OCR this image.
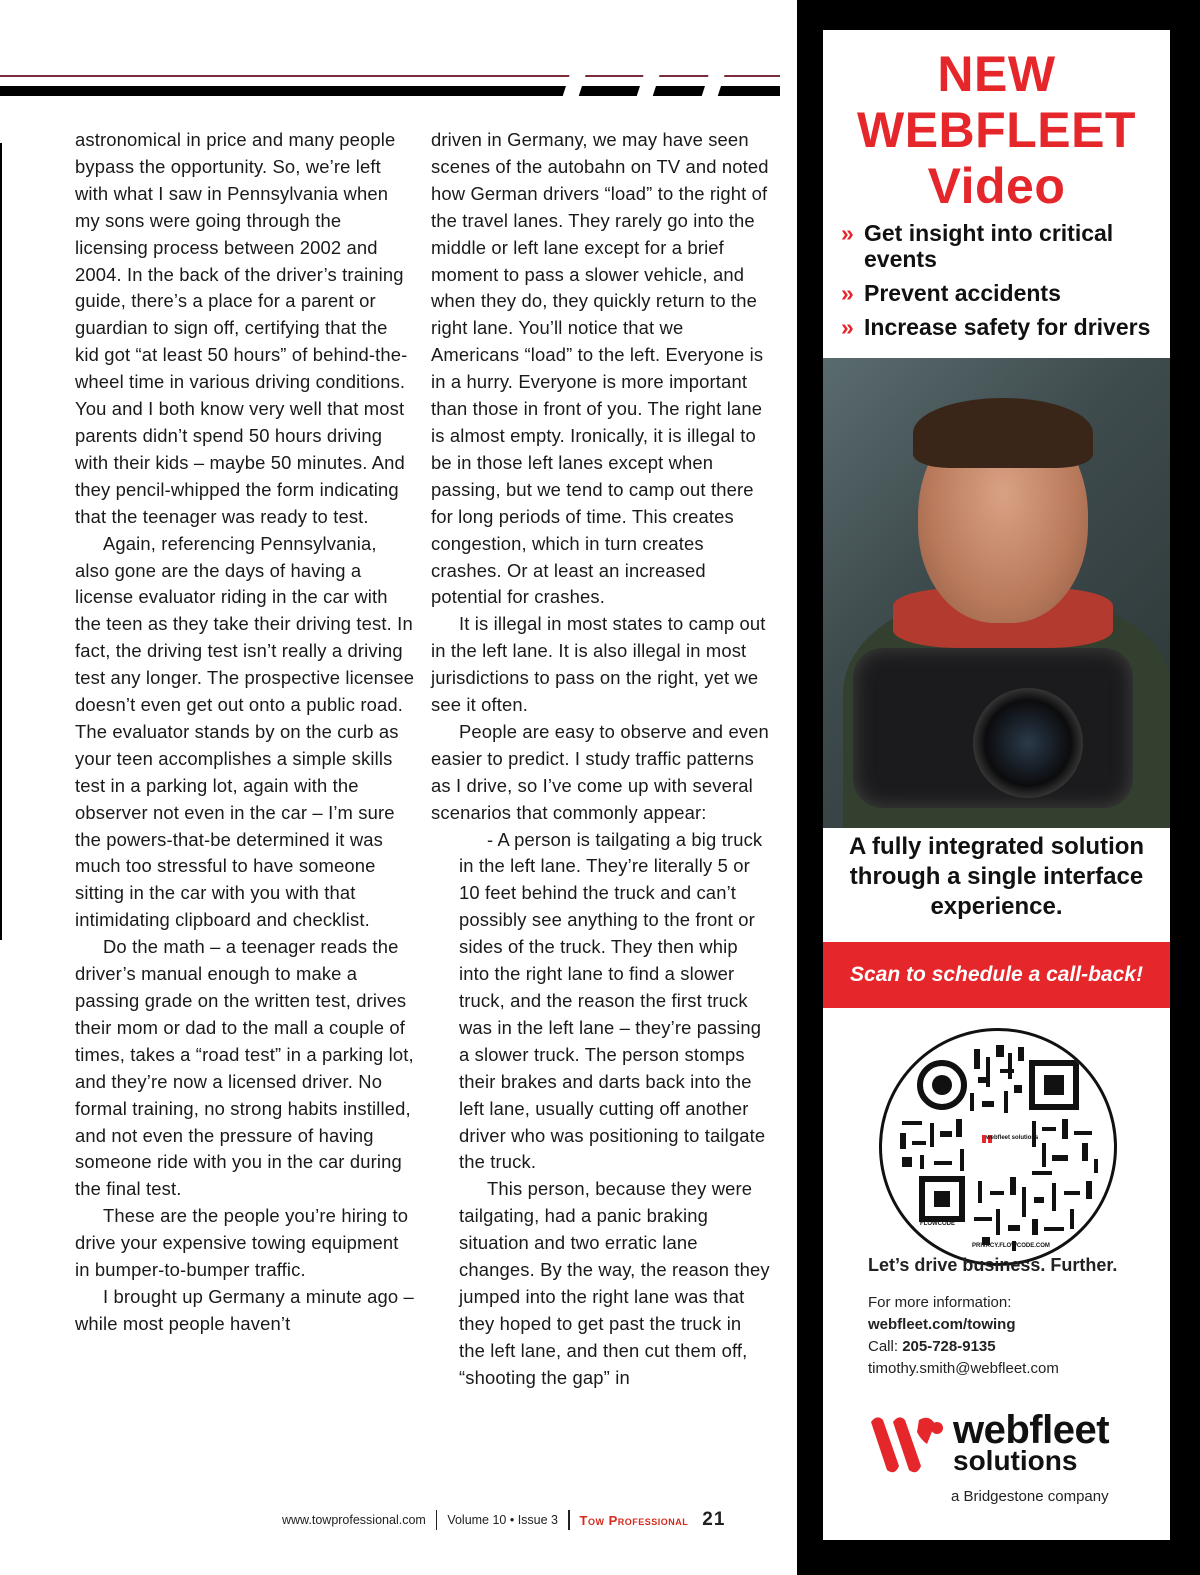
astronomical in price and many people bypass the opportunity. So, we’re left with what I saw in Pennsylvania when my sons were going through the licensing process between 2002 and 2004. In the back of the driver’s training guide, there’s a place for a parent or guardian to sign off, certifying that the kid got “at least 50 hours” of behind-the-wheel time in various driving conditions. You and I both know very well that most parents didn’t spend 50 hours driving with their kids – maybe 50 minutes. And they pencil-whipped the form indicating that the teenager was ready to test.

Again, referencing Pennsylvania, also gone are the days of having a license evaluator riding in the car with the teen as they take their driving test. In fact, the driving test isn’t really a driving test any longer. The prospective licensee doesn’t even get out onto a public road. The evaluator stands by on the curb as your teen accomplishes a simple skills test in a parking lot, again with the observer not even in the car – I’m sure the powers-that-be determined it was much too stressful to have someone sitting in the car with you with that intimidating clipboard and checklist.

Do the math – a teenager reads the driver’s manual enough to make a passing grade on the written test, drives their mom or dad to the mall a couple of times, takes a “road test” in a parking lot, and they’re now a licensed driver. No formal training, no strong habits instilled, and not even the pressure of having someone ride with you in the car during the final test.

These are the people you’re hiring to drive your expensive towing equipment in bumper-to-bumper traffic.

I brought up Germany a minute ago – while most people haven’t

driven in Germany, we may have seen scenes of the autobahn on TV and noted how German drivers “load” to the right of the travel lanes. They rarely go into the middle or left lane except for a brief moment to pass a slower vehicle, and when they do, they quickly return to the right lane. You’ll notice that we Americans “load” to the left. Everyone is in a hurry. Everyone is more important than those in front of you. The right lane is almost empty. Ironically, it is illegal to be in those left lanes except when passing, but we tend to camp out there for long periods of time. This creates congestion, which in turn creates crashes. Or at least an increased potential for crashes.

It is illegal in most states to camp out in the left lane. It is also illegal in most jurisdictions to pass on the right, yet we see it often.

People are easy to observe and even easier to predict. I study traffic patterns as I drive, so I’ve come up with several scenarios that commonly appear:

- A person is tailgating a big truck in the left lane. They’re literally 5 or 10 feet behind the truck and can’t possibly see anything to the front or sides of the truck. They then whip into the right lane to find a slower truck, and the reason the first truck was in the left lane – they’re passing a slower truck. The person stomps their brakes and darts back into the left lane, usually cutting off another driver who was positioning to tailgate the truck.

This person, because they were tailgating, had a panic braking situation and two erratic lane changes. By the way, the reason they jumped into the right lane was that they hoped to get past the truck in the left lane, and then cut them off, “shooting the gap” in

www.towprofessional.com Volume 10 • Issue 3 Tow Professional 21
NEW
WEBFLEET
Video
» Get insight into critical events
» Prevent accidents
» Increase safety for drivers
A fully integrated solution through a single interface experience.
Scan to schedule a call-back!
webfleet solutions
FLOWCODE
PRIVACY.FLOWCODE.COM
Let’s drive business. Further.
For more information:
webfleet.com/towing
Call: 205-728-9135
timothy.smith@webfleet.com
webfleet
solutions
a Bridgestone company
